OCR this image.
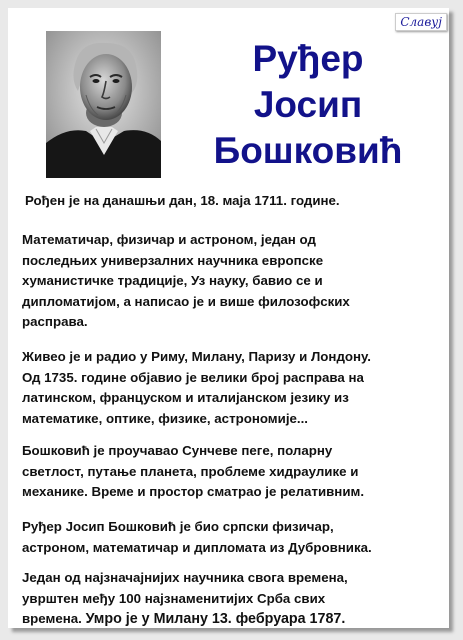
Славуј
Руђер
Јосип
Бошковић
Рођен је на данашњи дан, 18. маја 1711. године.
Математичар, физичар и астроном, један од
последњих универзалних научника европске
хуманистичке традиције, Уз науку, бавио се и
дипломатијом, а написао је и више филозофских
расправа.
Живео је и радио у Риму, Милану, Паризу и Лондону.
Од 1735. године објавио је велики број расправа на
латинском, француском и италијанском језику из
математике, оптике, физике, астрономије...
Бошковић је проучавао Сунчеве пеге, поларну
светлост, путање планета, проблеме хидраулике и
механике. Време и простор сматрао је релативним.
Руђер Јосип Бошковић је био српски физичар,
астроном, математичар и дипломата из Дубровника.
Један од најзначајнијих научника свога времена,
уврштен међу 100 најзнаменитијих Срба свих
времена. Умро је у Милану 13. фебруара 1787.
